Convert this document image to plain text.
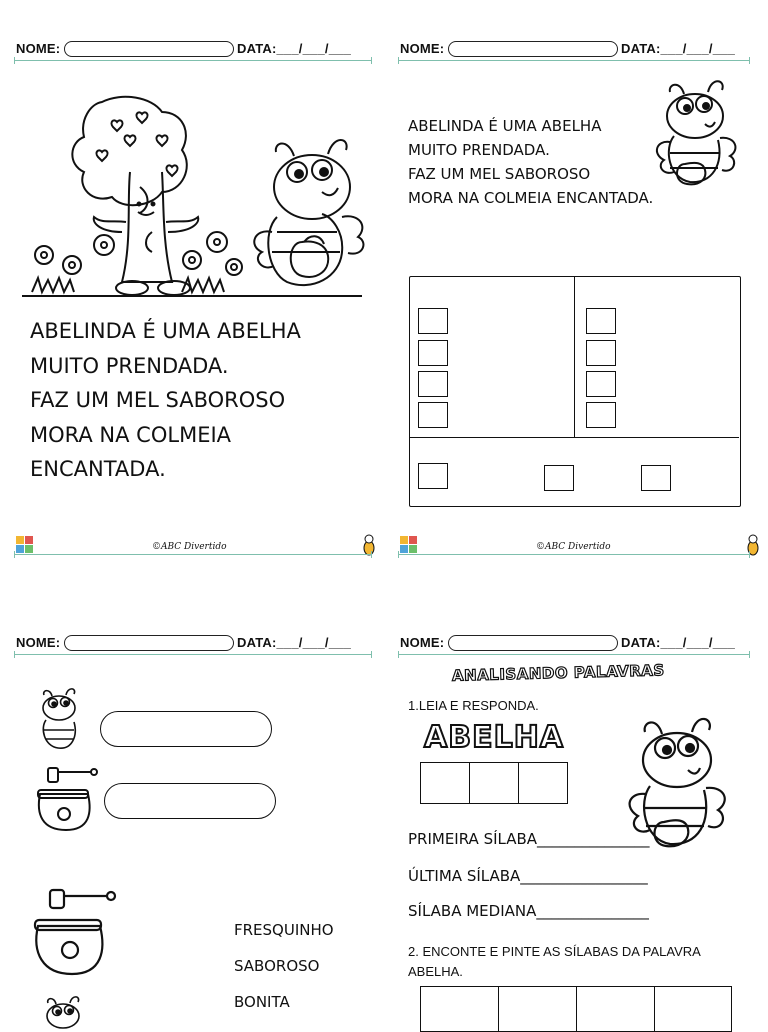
NOME:	DATA:___/___/___
ABELINDA É UMA ABELHA
MUITO PRENDADA.
FAZ UM MEL SABOROSO
MORA NA COLMEIA
ENCANTADA.
©ABC Divertido
NOME:	DATA:___/___/___
ABELINDA É UMA ABELHA
MUITO PRENDADA.
FAZ UM MEL SABOROSO
MORA NA COLMEIA ENCANTADA.
©ABC Divertido
NOME:	DATA:___/___/___
FRESQUINHO
SABOROSO
BONITA
NOME:	DATA:___/___/___
ANALISANDO PALAVRAS
1.LEIA E RESPONDA.
ABELHA
PRIMEIRA SÍLABA_______________
ÚLTIMA SÍLABA_________________
SÍLABA MEDIANA_______________
2. ENCONTE E PINTE AS SÍLABAS DA PALAVRA ABELHA.
